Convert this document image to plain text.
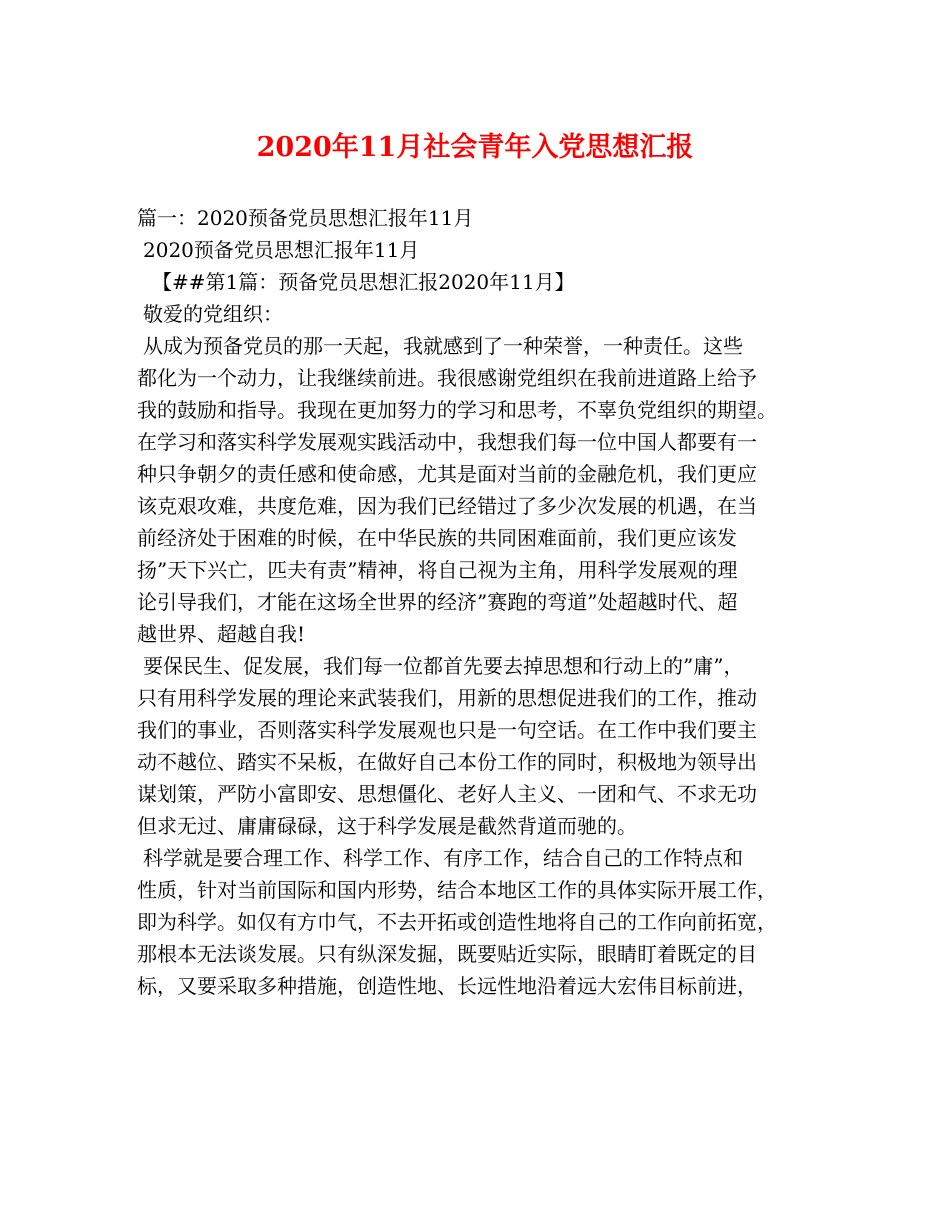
2020年11月社会青年入党思想汇报

篇一：2020预备党员思想汇报年11月

2020预备党员思想汇报年11月

【##第1篇：预备党员思想汇报2020年11月】

敬爱的党组织：

从成为预备党员的那一天起，我就感到了一种荣誉，一种责任。这些

都化为一个动力，让我继续前进。我很感谢党组织在我前进道路上给予

我的鼓励和指导。我现在更加努力的学习和思考，不辜负党组织的期望。

在学习和落实科学发展观实践活动中，我想我们每一位中国人都要有一

种只争朝夕的责任感和使命感，尤其是面对当前的金融危机，我们更应

该克艰攻难，共度危难，因为我们已经错过了多少次发展的机遇，在当

前经济处于困难的时候，在中华民族的共同困难面前，我们更应该发

扬”天下兴亡，匹夫有责”精神，将自己视为主角，用科学发展观的理

论引导我们，才能在这场全世界的经济”赛跑的弯道”处超越时代、超

越世界、超越自我!

要保民生、促发展，我们每一位都首先要去掉思想和行动上的”庸”，

只有用科学发展的理论来武装我们，用新的思想促进我们的工作，推动

我们的事业，否则落实科学发展观也只是一句空话。在工作中我们要主

动不越位、踏实不呆板，在做好自己本份工作的同时，积极地为领导出

谋划策，严防小富即安、思想僵化、老好人主义、一团和气、不求无功

但求无过、庸庸碌碌，这于科学发展是截然背道而驰的。

科学就是要合理工作、科学工作、有序工作，结合自己的工作特点和

性质，针对当前国际和国内形势，结合本地区工作的具体实际开展工作，

即为科学。如仅有方巾气，不去开拓或创造性地将自己的工作向前拓宽，

那根本无法谈发展。只有纵深发掘，既要贴近实际，眼睛盯着既定的目

标，又要采取多种措施，创造性地、长远性地沿着远大宏伟目标前进，
